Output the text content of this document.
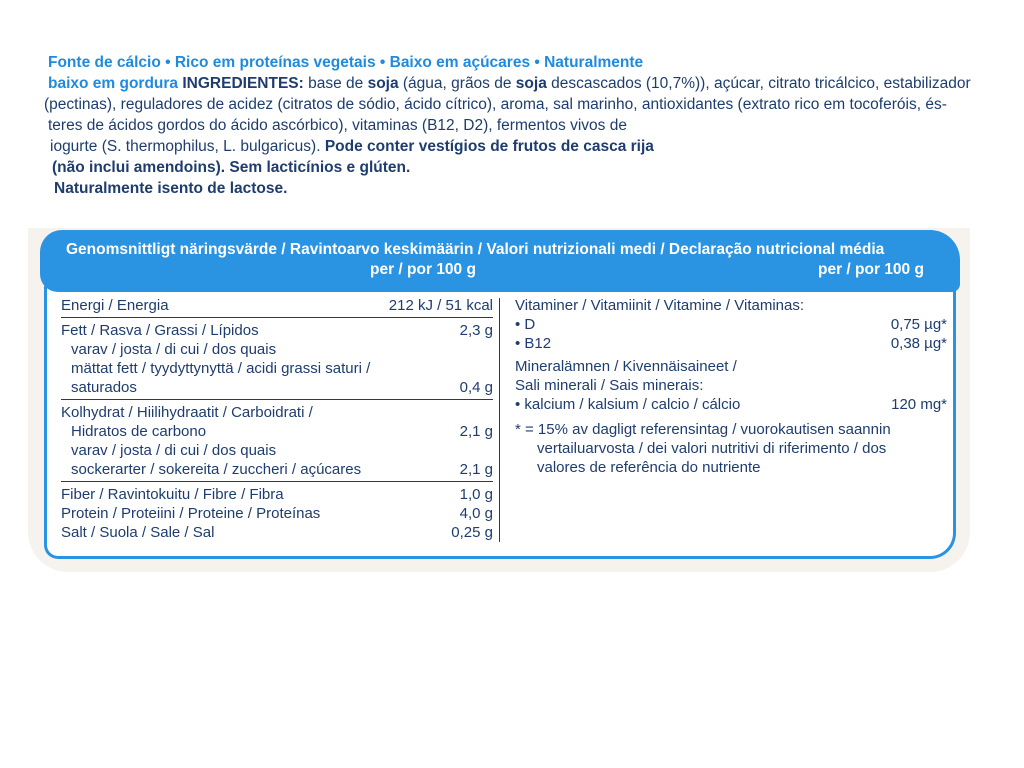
Fonte de cálcio • Rico em proteínas vegetais • Baixo em açúcares • Naturalmente
baixo em gordura INGREDIENTES: base de soja (água, grãos de soja descascados (10,7%)), açúcar, citrato tricálcico, estabilizador
(pectinas), reguladores de acidez (citratos de sódio, ácido cítrico), aroma, sal marinho, antioxidantes (extrato rico em tocoferóis, és-
teres de ácidos gordos do ácido ascórbico), vitaminas (B12, D2), fermentos vivos de
iogurte (S. thermophilus, L. bulgaricus). Pode conter vestígios de frutos de casca rija
(não inclui amendoins). Sem lacticínios e glúten.
Naturalmente isento de lactose.
Energi / Energia	212 kJ / 51 kcal
Fett / Rasva / Grassi / Lípidos	2,3 g
varav / josta / di cui / dos quais
mättat fett / tyydyttynyttä / acidi grassi saturi /
saturados	0,4 g
Kolhydrat / Hiilihydraatit / Carboidrati /
Hidratos de carbono	2,1 g
varav / josta / di cui / dos quais
sockerarter / sokereita / zuccheri / açúcares	2,1 g
Fiber / Ravintokuitu / Fibre / Fibra	1,0 g
Protein / Proteiini / Proteine / Proteínas	4,0 g
Salt / Suola / Sale / Sal	0,25 g
Vitaminer / Vitamiinit / Vitamine / Vitaminas:
• D	0,75 µg*
• B12	0,38 µg*
Mineralämnen / Kivennäisaineet /
Sali minerali / Sais minerais:
• kalcium / kalsium / calcio / cálcio	120 mg*
* = 15% av dagligt referensintag / vuorokautisen saannin
vertailuarvosta / dei valori nutritivi di riferimento / dos
valores de referência do nutriente
Genomsnittligt näringsvärde / Ravintoarvo keskimäärin / Valori nutrizionali medi / Declaração nutricional média
per / por 100 g	per / por 100 g
